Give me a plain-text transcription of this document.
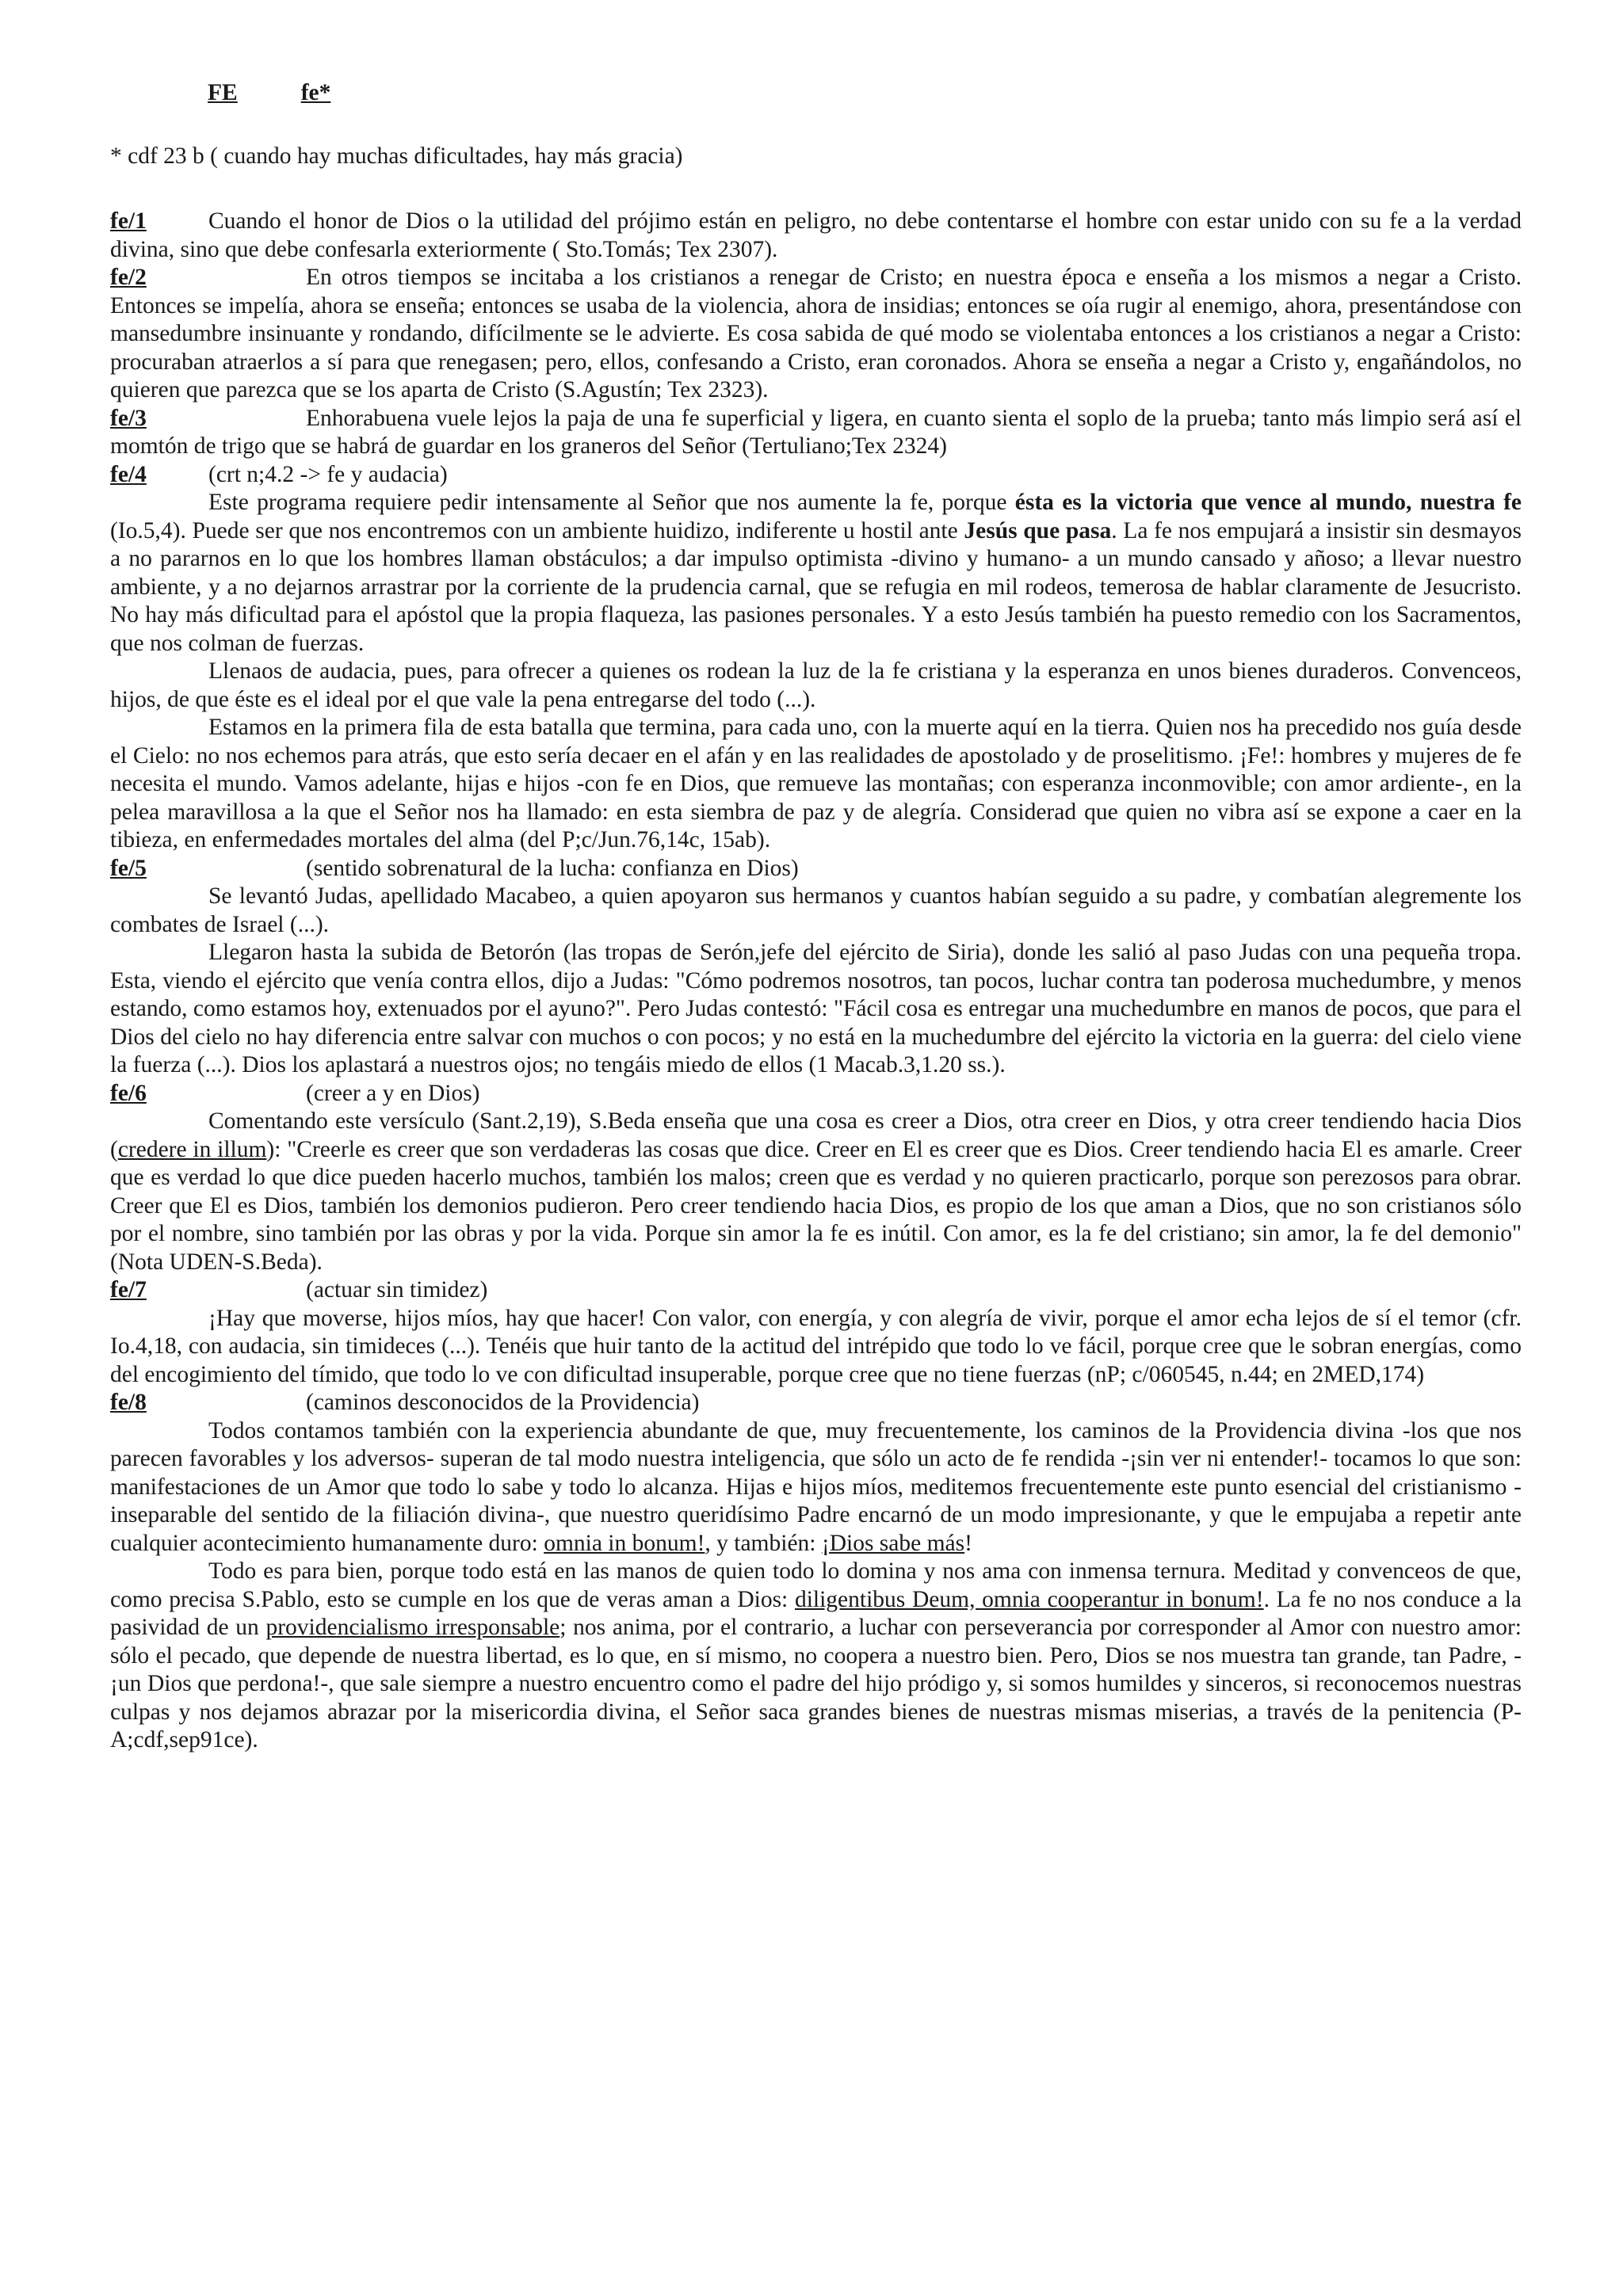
FE	fe*
* cdf 23 b ( cuando hay muchas dificultades, hay más gracia)

fe/1	Cuando el honor de Dios o la utilidad del prójimo están en peligro, no debe contentarse el hombre con estar unido con su fe a la verdad divina, sino que debe confesarla exteriormente ( Sto.Tomás; Tex 2307).

fe/2	En otros tiempos se incitaba a los cristianos a renegar de Cristo; en nuestra época e enseña a los mismos a negar a Cristo. Entonces se impelía, ahora se enseña; entonces se usaba de la violencia, ahora de insidias; entonces se oía rugir al enemigo, ahora, presentándose con mansedumbre insinuante y rondando, difícilmente se le advierte. Es cosa sabida de qué modo se violentaba entonces a los cristianos a negar a Cristo: procuraban atraerlos a sí para que renegasen; pero, ellos, confesando a Cristo, eran coronados. Ahora se enseña a negar a Cristo y, engañándolos, no quieren que parezca que se los aparta de Cristo (S.Agustín; Tex 2323).

fe/3	Enhorabuena vuele lejos la paja de una fe superficial y ligera, en cuanto sienta el soplo de la prueba; tanto más limpio será así el momtón de trigo que se habrá de guardar en los graneros del Señor (Tertuliano;Tex 2324)

fe/4	(crt n;4.2 -> fe y audacia)

Este programa requiere pedir intensamente al Señor que nos aumente la fe, porque ésta es la victoria que vence al mundo, nuestra fe (Io.5,4). Puede ser que nos encontremos con un ambiente huidizo, indiferente u hostil ante Jesús que pasa. La fe nos empujará a insistir sin desmayos a no pararnos en lo que los hombres llaman obstáculos; a dar impulso optimista -divino y humano- a un mundo cansado y añoso; a llevar nuestro ambiente, y a no dejarnos arrastrar por la corriente de la prudencia carnal, que se refugia en mil rodeos, temerosa de hablar claramente de Jesucristo. No hay más dificultad para el apóstol que la propia flaqueza, las pasiones personales. Y a esto Jesús también ha puesto remedio con los Sacramentos, que nos colman de fuerzas.

Llenaos de audacia, pues, para ofrecer a quienes os rodean la luz de la fe cristiana y la esperanza en unos bienes duraderos. Convenceos, hijos, de que éste es el ideal por el que vale la pena entregarse del todo (...).

Estamos en la primera fila de esta batalla que termina, para cada uno, con la muerte aquí en la tierra. Quien nos ha precedido nos guía desde el Cielo: no nos echemos para atrás, que esto sería decaer en el afán y en las realidades de apostolado y de proselitismo. ¡Fe!: hombres y mujeres de fe necesita el mundo. Vamos adelante, hijas e hijos -con fe en Dios, que remueve las montañas; con esperanza inconmovible; con amor ardiente-, en la pelea maravillosa a la que el Señor nos ha llamado: en esta siembra de paz y de alegría. Considerad que quien no vibra así se expone a caer en la tibieza, en enfermedades mortales del alma (del P;c/Jun.76,14c, 15ab).

fe/5	(sentido sobrenatural de la lucha: confianza en Dios)

Se levantó Judas, apellidado Macabeo, a quien apoyaron sus hermanos y cuantos habían seguido a su padre, y combatían alegremente los combates de Israel (...).

Llegaron hasta la subida de Betorón (las tropas de Serón,jefe del ejército de Siria), donde les salió al paso Judas con una pequeña tropa. Esta, viendo el ejército que venía contra ellos, dijo a Judas: "Cómo podremos nosotros, tan pocos, luchar contra tan poderosa muchedumbre, y menos estando, como estamos hoy, extenuados por el ayuno?". Pero Judas contestó: "Fácil cosa es entregar una muchedumbre en manos de pocos, que para el Dios del cielo no hay diferencia entre salvar con muchos o con pocos; y no está en la muchedumbre del ejército la victoria en la guerra: del cielo viene la fuerza (...). Dios los aplastará a nuestros ojos; no tengáis miedo de ellos (1 Macab.3,1.20 ss.).

fe/6	(creer a y en Dios)

Comentando este versículo (Sant.2,19), S.Beda enseña que una cosa es creer a Dios, otra creer en Dios, y otra creer tendiendo hacia Dios (credere in illum): "Creerle es creer que son verdaderas las cosas que dice. Creer en El es creer que es Dios. Creer tendiendo hacia El es amarle. Creer que es verdad lo que dice pueden hacerlo muchos, también los malos; creen que es verdad y no quieren practicarlo, porque son perezosos para obrar. Creer que El es Dios, también los demonios pudieron. Pero creer tendiendo hacia Dios, es propio de los que aman a Dios, que no son cristianos sólo por el nombre, sino también por las obras y por la vida. Porque sin amor la fe es inútil. Con amor, es la fe del cristiano; sin amor, la fe del demonio" (Nota UDEN-S.Beda).

fe/7	(actuar sin timidez)

¡Hay que moverse, hijos míos, hay que hacer! Con valor, con energía, y con alegría de vivir, porque el amor echa lejos de sí el temor (cfr. Io.4,18, con audacia, sin timideces (...). Tenéis que huir tanto de la actitud del intrépido que todo lo ve fácil, porque cree que le sobran energías, como del encogimiento del tímido, que todo lo ve con dificultad insuperable, porque cree que no tiene fuerzas (nP; c/060545, n.44; en 2MED,174)

fe/8	(caminos desconocidos de la Providencia)

Todos contamos también con la experiencia abundante de que, muy frecuentemente, los caminos de la Providencia divina -los que nos parecen favorables y los adversos- superan de tal modo nuestra inteligencia, que sólo un acto de fe rendida -¡sin ver ni entender!- tocamos lo que son: manifestaciones de un Amor que todo lo sabe y todo lo alcanza. Hijas e hijos míos, meditemos frecuentemente este punto esencial del cristianismo -inseparable del sentido de la filiación divina-, que nuestro queridísimo Padre encarnó de un modo impresionante, y que le empujaba a repetir ante cualquier acontecimiento humanamente duro: omnia in bonum!, y también: ¡Dios sabe más!

Todo es para bien, porque todo está en las manos de quien todo lo domina y nos ama con inmensa ternura. Meditad y convenceos de que, como precisa S.Pablo, esto se cumple en los que de veras aman a Dios: diligentibus Deum, omnia cooperantur in bonum!. La fe no nos conduce a la pasividad de un providencialismo irresponsable; nos anima, por el contrario, a luchar con perseverancia por corresponder al Amor con nuestro amor: sólo el pecado, que depende de nuestra libertad, es lo que, en sí mismo, no coopera a nuestro bien. Pero, Dios se nos muestra tan grande, tan Padre, -¡un Dios que perdona!-, que sale siempre a nuestro encuentro como el padre del hijo pródigo y, si somos humildes y sinceros, si reconocemos nuestras culpas y nos dejamos abrazar por la misericordia divina, el Señor saca grandes bienes de nuestras mismas miserias, a través de la penitencia (P-A;cdf,sep91ce).
